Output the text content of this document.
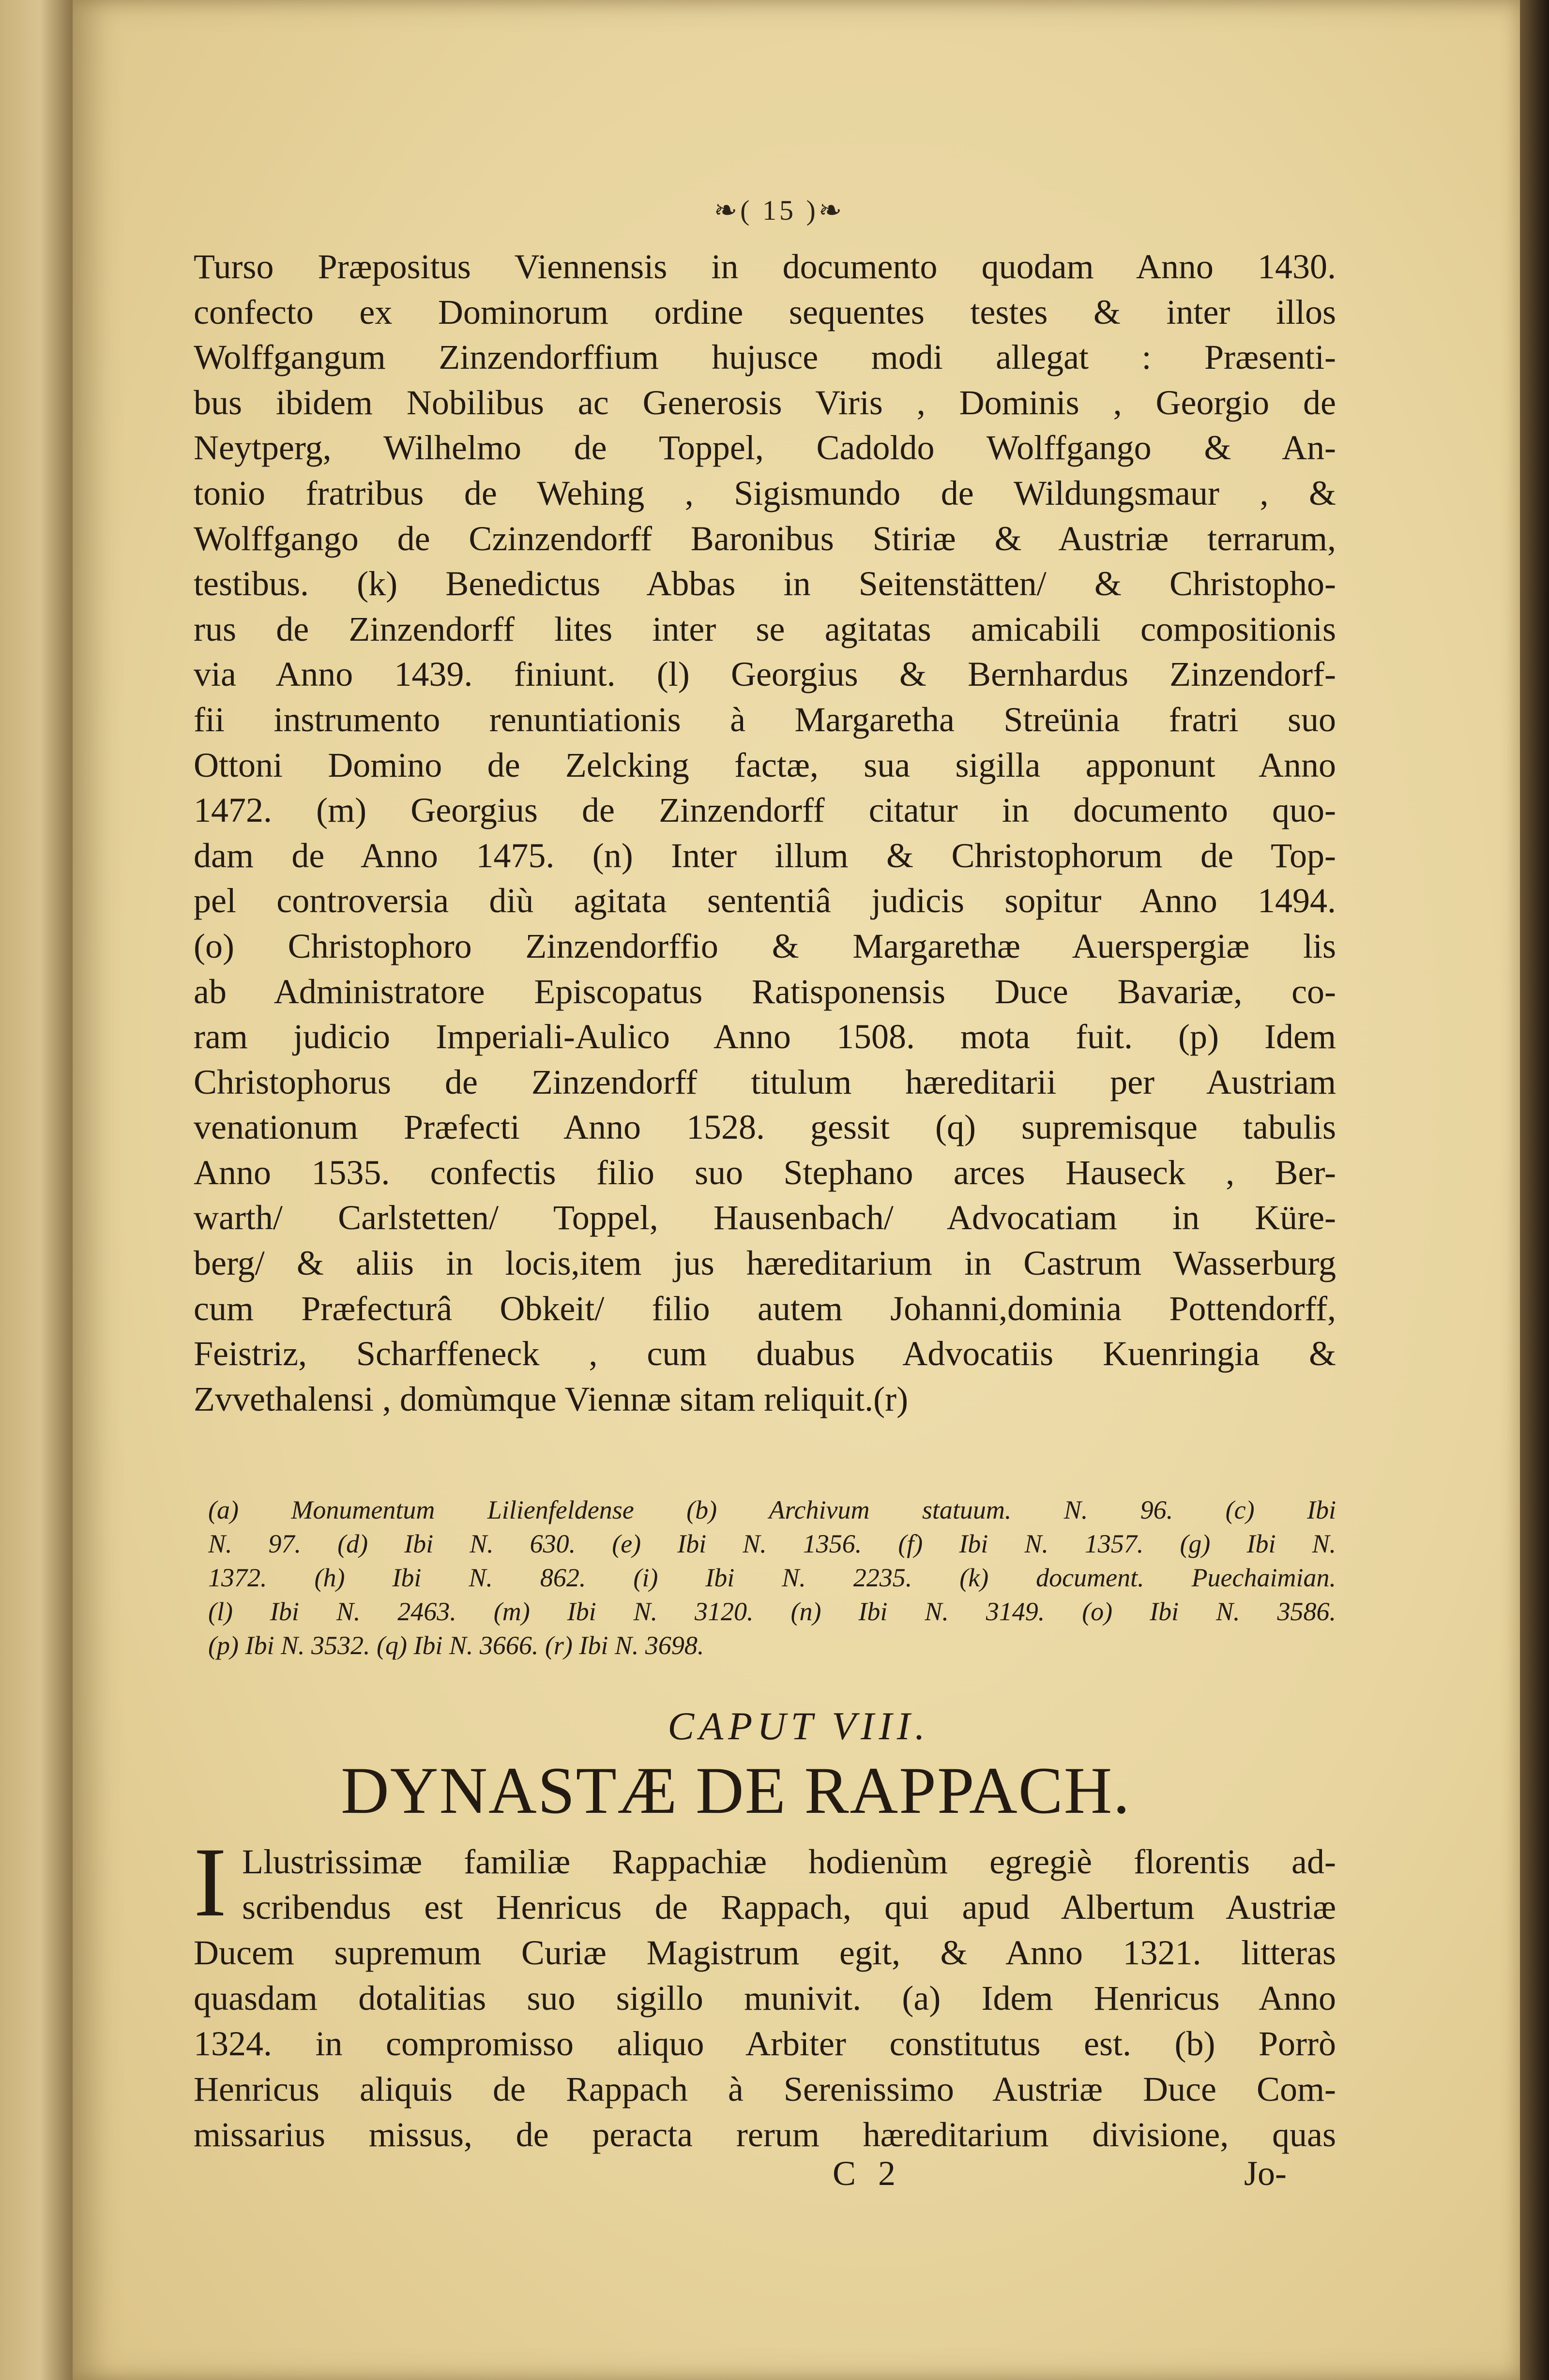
❧( 15 )❧
Turso Præpositus Viennensis in documento quodam Anno 1430.
confecto ex Dominorum ordine sequentes testes & inter illos
Wolffgangum Zinzendorffium hujusce modi allegat : Præsenti-
bus ibidem Nobilibus ac Generosis Viris , Dominis , Georgio de
Neytperg, Wilhelmo de Toppel, Cadoldo Wolffgango & An-
tonio fratribus de Wehing , Sigismundo de Wildungsmaur , &
Wolffgango de Czinzendorff Baronibus Stiriæ & Austriæ terrarum,
testibus. (k) Benedictus Abbas in Seitenstätten/ & Christopho-
rus de Zinzendorff lites inter se agitatas amicabili compositionis
via Anno 1439. finiunt. (l) Georgius & Bernhardus Zinzendorf-
fii instrumento renuntiationis à Margaretha Streünia fratri suo
Ottoni Domino de Zelcking factæ, sua sigilla apponunt Anno
1472. (m) Georgius de Zinzendorff citatur in documento quo-
dam de Anno 1475. (n) Inter illum & Christophorum de Top-
pel controversia diù agitata sententiâ judicis sopitur Anno 1494.
(o) Christophoro Zinzendorffio & Margarethæ Auerspergiæ lis
ab Administratore Episcopatus Ratisponensis Duce Bavariæ, co-
ram judicio Imperiali-Aulico Anno 1508. mota fuit. (p) Idem
Christophorus de Zinzendorff titulum hæreditarii per Austriam
venationum Præfecti Anno 1528. gessit (q) supremisque tabulis
Anno 1535. confectis filio suo Stephano arces Hauseck , Ber-
warth/ Carlstetten/ Toppel, Hausenbach/ Advocatiam in Küre-
berg/ & aliis in locis,item jus hæreditarium in Castrum Wasserburg
cum Præfecturâ Obkeit/ filio autem Johanni,dominia Pottendorff,
Feistriz, Scharffeneck , cum duabus Advocatiis Kuenringia &
Zvvethalensi , domùmque Viennæ sitam reliquit.(r)
(a) Monumentum Lilienfeldense (b) Archivum statuum. N. 96. (c) Ibi
N. 97. (d) Ibi N. 630. (e) Ibi N. 1356. (f) Ibi N. 1357. (g) Ibi N.
1372. (h) Ibi N. 862. (i) Ibi N. 2235. (k) document. Puechaimian.
(l) Ibi N. 2463. (m) Ibi N. 3120. (n) Ibi N. 3149. (o) Ibi N. 3586.
(p) Ibi N. 3532. (q) Ibi N. 3666. (r) Ibi N. 3698.
CAPUT VIII.
DYNASTÆ DE RAPPACH.
I Llustrissimæ familiæ Rappachiæ hodienùm egregiè florentis ad-
scribendus est Henricus de Rappach, qui apud Albertum Austriæ
Ducem supremum Curiæ Magistrum egit, & Anno 1321. litteras
quasdam dotalitias suo sigillo munivit. (a) Idem Henricus Anno
1324. in compromisso aliquo Arbiter constitutus est. (b) Porrò
Henricus aliquis de Rappach à Serenissimo Austriæ Duce Com-
missarius missus, de peracta rerum hæreditarium divisione, quas
C 2	Jo-
